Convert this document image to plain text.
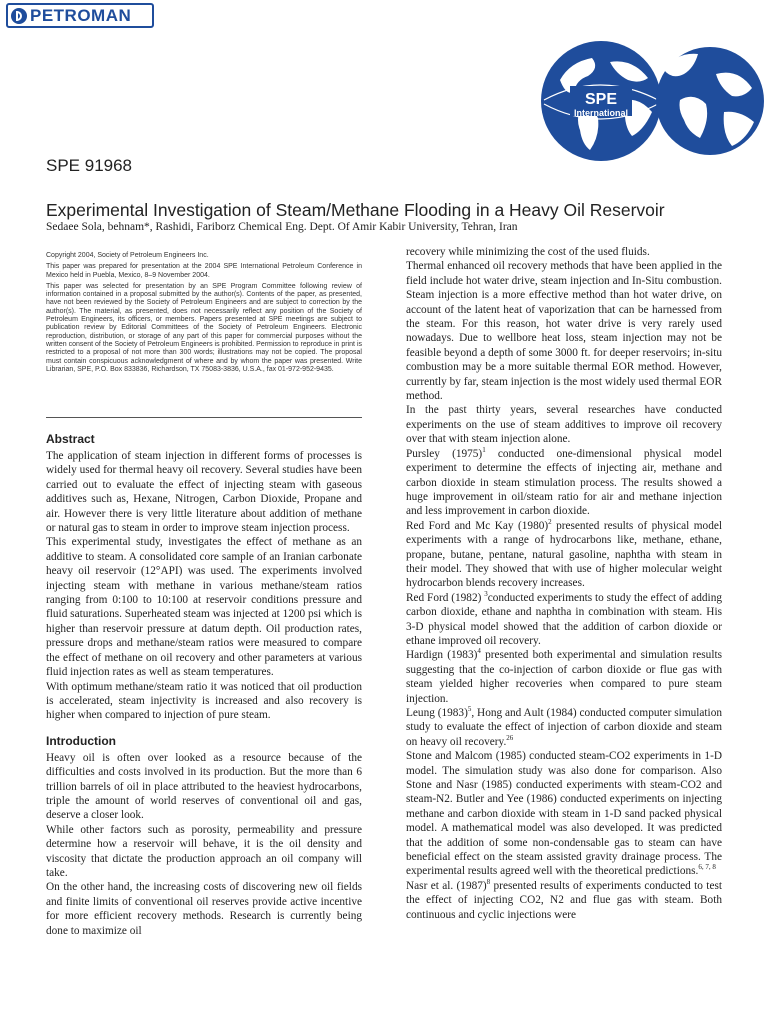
PETROMAN
SPE
International
SPE 91968
Experimental Investigation of Steam/Methane Flooding in a Heavy Oil Reservoir
Sedaee Sola, behnam*, Rashidi, Fariborz Chemical Eng. Dept. Of Amir Kabir University, Tehran, Iran

Copyright 2004, Society of Petroleum Engineers Inc.

This paper was prepared for presentation at the 2004 SPE International Petroleum Conference in Mexico held in Puebla, Mexico, 8–9 November 2004.

This paper was selected for presentation by an SPE Program Committee following review of information contained in a proposal submitted by the author(s). Contents of the paper, as presented, have not been reviewed by the Society of Petroleum Engineers and are subject to correction by the author(s). The material, as presented, does not necessarily reflect any position of the Society of Petroleum Engineers, its officers, or members. Papers presented at SPE meetings are subject to publication review by Editorial Committees of the Society of Petroleum Engineers. Electronic reproduction, distribution, or storage of any part of this paper for commercial purposes without the written consent of the Society of Petroleum Engineers is prohibited. Permission to reproduce in print is restricted to a proposal of not more than 300 words; illustrations may not be copied. The proposal must contain conspicuous acknowledgment of where and by whom the paper was presented. Write Librarian, SPE, P.O. Box 833836, Richardson, TX 75083-3836, U.S.A., fax 01-972-952-9435.

Abstract

The application of steam injection in different forms of processes is widely used for thermal heavy oil recovery. Several studies have been carried out to evaluate the effect of injecting steam with gaseous additives such as, Hexane, Nitrogen, Carbon Dioxide, Propane and air. However there is very little literature about addition of methane or natural gas to steam in order to improve steam injection process.

This experimental study, investigates the effect of methane as an additive to steam. A consolidated core sample of an Iranian carbonate heavy oil reservoir (12°API) was used. The experiments involved injecting steam with methane in various methane/steam ratios ranging from 0:100 to 10:100 at reservoir conditions pressure and fluid saturations. Superheated steam was injected at 1200 psi which is higher than reservoir pressure at datum depth. Oil production rates, pressure drops and methane/steam ratios were measured to compare the effect of methane on oil recovery and other parameters at various fluid injection rates as well as steam temperatures.

With optimum methane/steam ratio it was noticed that oil production is accelerated, steam injectivity is increased and also recovery is higher when compared to injection of pure steam.

Introduction

Heavy oil is often over looked as a resource because of the difficulties and costs involved in its production. But the more than 6 trillion barrels of oil in place attributed to the heaviest hydrocarbons, triple the amount of world reserves of conventional oil and gas, deserve a closer look.

While other factors such as porosity, permeability and pressure determine how a reservoir will behave, it is the oil density and viscosity that dictate the production approach an oil company will take.

On the other hand, the increasing costs of discovering new oil fields and finite limits of conventional oil reserves provide active incentive for more efficient recovery methods. Research is currently being done to maximize oil

recovery while minimizing the cost of the used fluids.

Thermal enhanced oil recovery methods that have been applied in the field include hot water drive, steam injection and In-Situ combustion. Steam injection is a more effective method than hot water drive, on account of the latent heat of vaporization that can be harnessed from the steam. For this reason, hot water drive is very rarely used nowadays. Due to wellbore heat loss, steam injection may not be feasible beyond a depth of some 3000 ft. for deeper reservoirs; in-situ combustion may be a more suitable thermal EOR method. However, currently by far, steam injection is the most widely used thermal EOR method.

In the past thirty years, several researches have conducted experiments on the use of steam additives to improve oil recovery over that with steam injection alone.

Pursley $(1975)^1$ conducted one-dimensional physical model experiment to determine the effects of injecting air, methane and carbon dioxide in steam stimulation process. The results showed a huge improvement in oil/steam ratio for air and methane injection and less improvement in carbon dioxide.

Red Ford and Mc Kay $(1980)^2$ presented results of physical model experiments with a range of hydrocarbons like, methane, ethane, propane, butane, pentane, natural gasoline, naphtha with steam in their model. They showed that with use of higher molecular weight hydrocarbon blends recovery increases.

Red Ford (1982) $^3$conducted experiments to study the effect of adding carbon dioxide, ethane and naphtha in combination with steam. His 3-D physical model showed that the addition of carbon dioxide or ethane improved oil recovery.

Hardign $(1983)^4$ presented both experimental and simulation results suggesting that the co-injection of carbon dioxide or flue gas with steam yielded higher recoveries when compared to pure steam injection.

Leung $(1983)^5$, Hong and Ault (1984) conducted computer simulation study to evaluate the effect of injection of carbon dioxide and steam on heavy oil recovery.$^{26}$

Stone and Malcom (1985) conducted steam-CO2 experiments in 1-D model. The simulation study was also done for comparison. Also Stone and Nasr (1985) conducted experiments with steam-CO2 and steam-N2. Butler and Yee (1986) conducted experiments on injecting methane and carbon dioxide with steam in 1-D sand packed physical model. A mathematical model was also developed. It was predicted that the addition of some non-condensable gas to steam can have beneficial effect on the steam assisted gravity drainage process. The experimental results agreed well with the theoretical predictions.$^{6, 7, 8}$

Nasr et al. $(1987)^8$ presented results of experiments conducted to test the effect of injecting CO2, N2 and flue gas with steam. Both continuous and cyclic injections were
